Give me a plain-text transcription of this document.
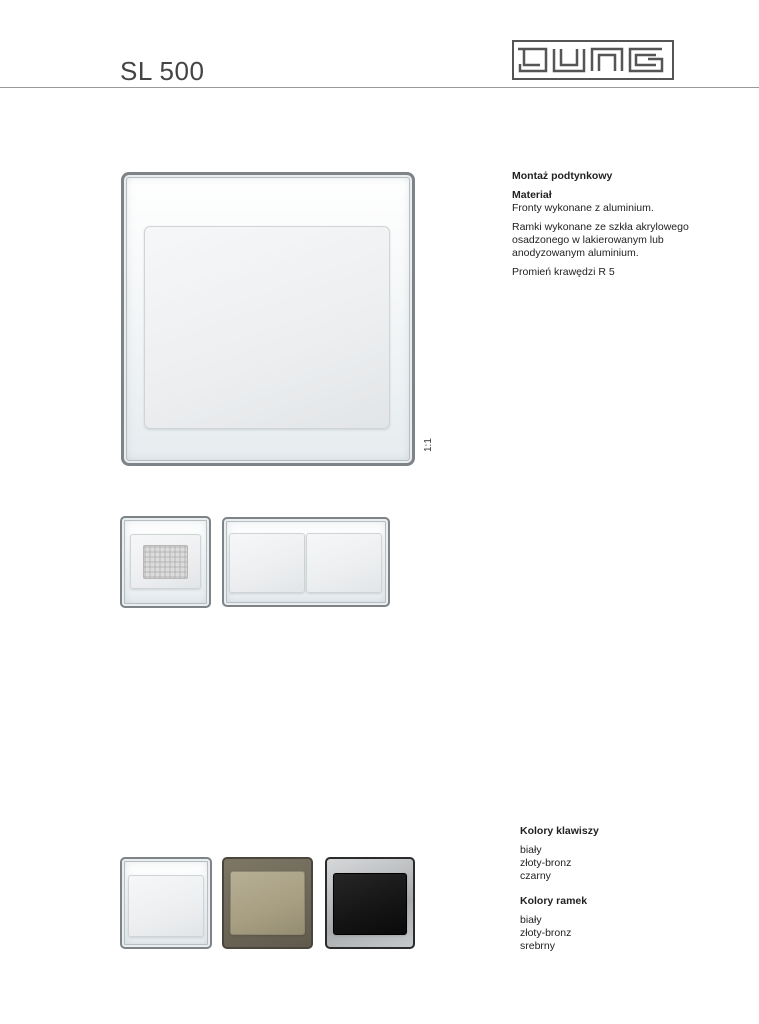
SL 500
1:1

Montaż podtynkowy

Materiał

Fronty wykonane z aluminium.

Ramki wykonane ze szkła akrylowego

osadzonego w lakierowanym lub

anodyzowanym aluminium.

Promień krawędzi R 5

Kolory klawiszy

biały

złoty-bronz

czarny

Kolory ramek

biały

złoty-bronz

srebrny
